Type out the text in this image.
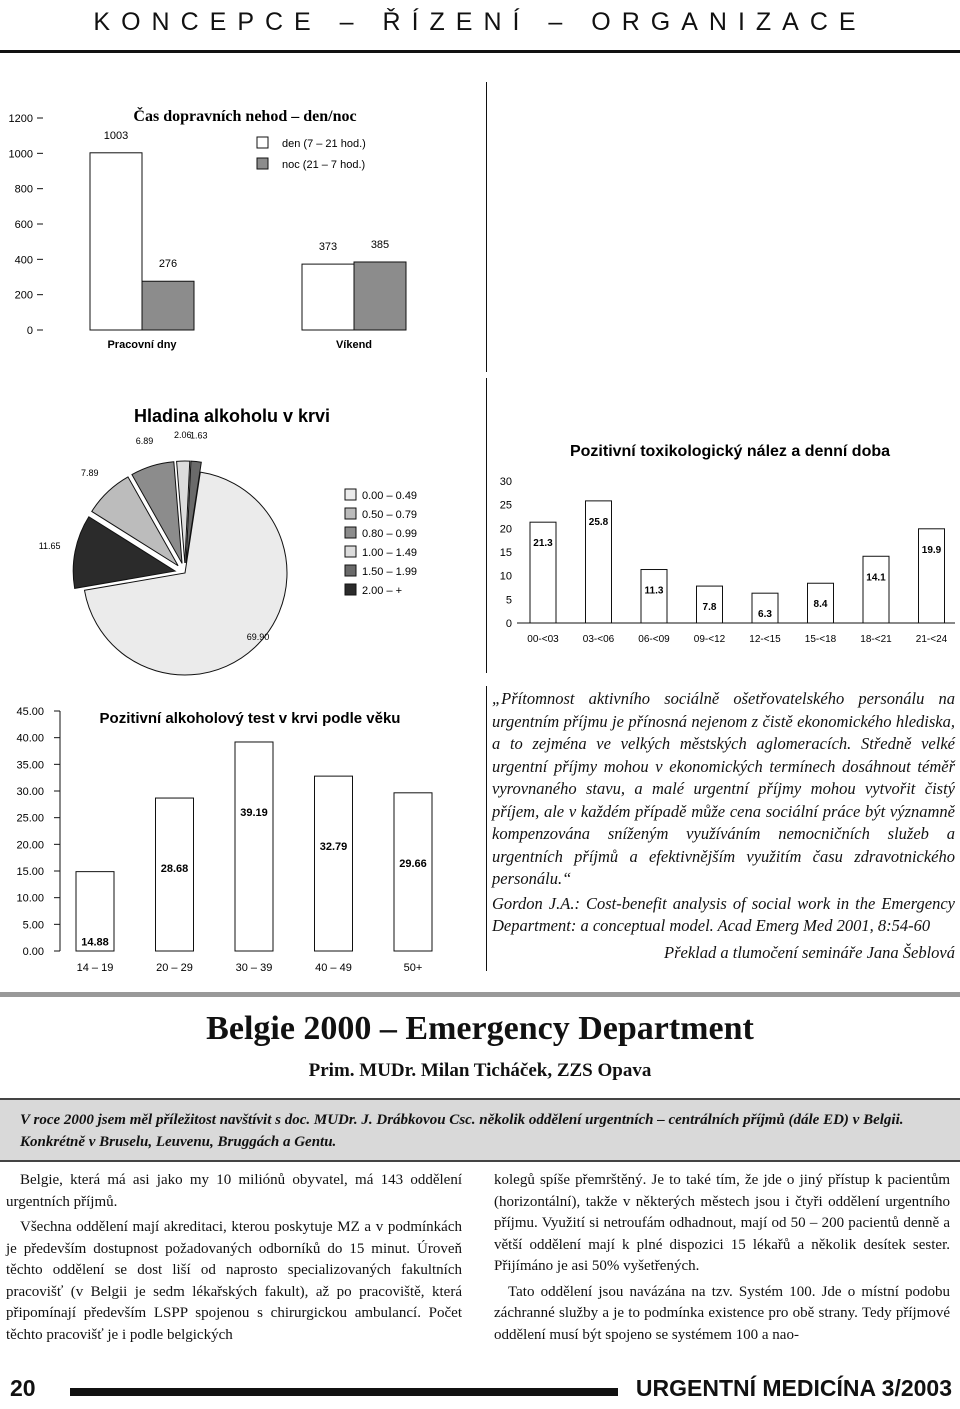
KONCEPCE – ŘÍZENÍ – ORGANIZACE
Čas dopravních nehod – den/noc
0
200
400
600
800
1000
1200
1003
276
Pracovní dny
373	385
Víkend
den (7 – 21 hod.)
noc (21 – 7 hod.)
Hladina alkoholu v krvi
69.90
11.65
7.89
6.89
2.06
1.63
0.00 – 0.49
0.50 – 0.79
0.80 – 0.99
1.00 – 1.49
1.50 – 1.99
2.00 – +
Pozitivní toxikologický nález a denní doba
0
5
10
15
20
25
30
21.3
00-<03
25.8
03-<06
11.3
06-<09
7.8
09-<12
6.3
12-<15
8.4
15-<18
14.1
18-<21
19.9
21-<24
Pozitivní alkoholový test v krvi podle věku
0.00
5.00
10.00
15.00
20.00
25.00
30.00
35.00
40.00
45.00
14.88
14 – 19
28.68
20 – 29
39.19
30 – 39
32.79
40 – 49
29.66
50+

„Přítomnost aktivního sociálně ošetřovatelského personálu na urgentním příjmu je přínosná nejenom z čistě ekonomického hlediska, a to zejména ve velkých městských aglomeracích. Středně velké urgentní příjmy mohou v ekonomických termínech dosáhnout téměř vyrovnaného stavu, a malé urgentní příjmy mohou vytvořit čistý příjem, ale v každém případě může cena sociální práce být významně kompenzována sníženým využíváním nemocničních služeb a urgentních příjmů a efektivnějším využitím času zdravotnického personálu.“

Gordon J.A.: Cost-benefit analysis of social work in the Emergency Department: a conceptual model. Acad Emerg Med 2001, 8:54-60

Překlad a tlumočení semináře Jana Šeblová

Belgie 2000 – Emergency Department
Prim. MUDr. Milan Ticháček, ZZS Opava

V roce 2000 jsem měl příležitost navštívit s doc. MUDr. J. Drábkovou Csc. několik oddělení urgentních – centrálních příjmů (dále ED) v Belgii. Konkrétně v Bruselu, Leuvenu, Bruggách a Gentu.

Belgie, která má asi jako my 10 miliónů obyvatel, má 143 oddělení urgentních příjmů.

Všechna oddělení mají akreditaci, kterou poskytuje MZ a v podmínkách je především dostupnost požadovaných odborníků do 15 minut. Úroveň těchto oddělení se dost liší od naprosto specializovaných fakultních pracovišť (v Belgii je sedm lékařských fakult), až po pracoviště, která připomínají především LSPP spojenou s chirurgickou ambulancí. Počet těchto pracovišť je i podle belgických

kolegů spíše přemrštěný. Je to také tím, že jde o jiný přístup k pacientům (horizontální), takže v některých městech jsou i čtyři oddělení urgentního příjmu. Využití si netroufám odhadnout, mají od 50 – 200 pacientů denně a větší oddělení mají k plné dispozici 15 lékařů a několik desítek sester. Přijímáno je asi 50% vyšetřených.

Tato oddělení jsou navázána na tzv. Systém 100. Jde o místní podobu záchranné služby a je to podmínka existence pro obě strany. Tedy příjmové oddělení musí být spojeno se systémem 100 a nao-

20	URGENTNÍ MEDICÍNA 3/2003
